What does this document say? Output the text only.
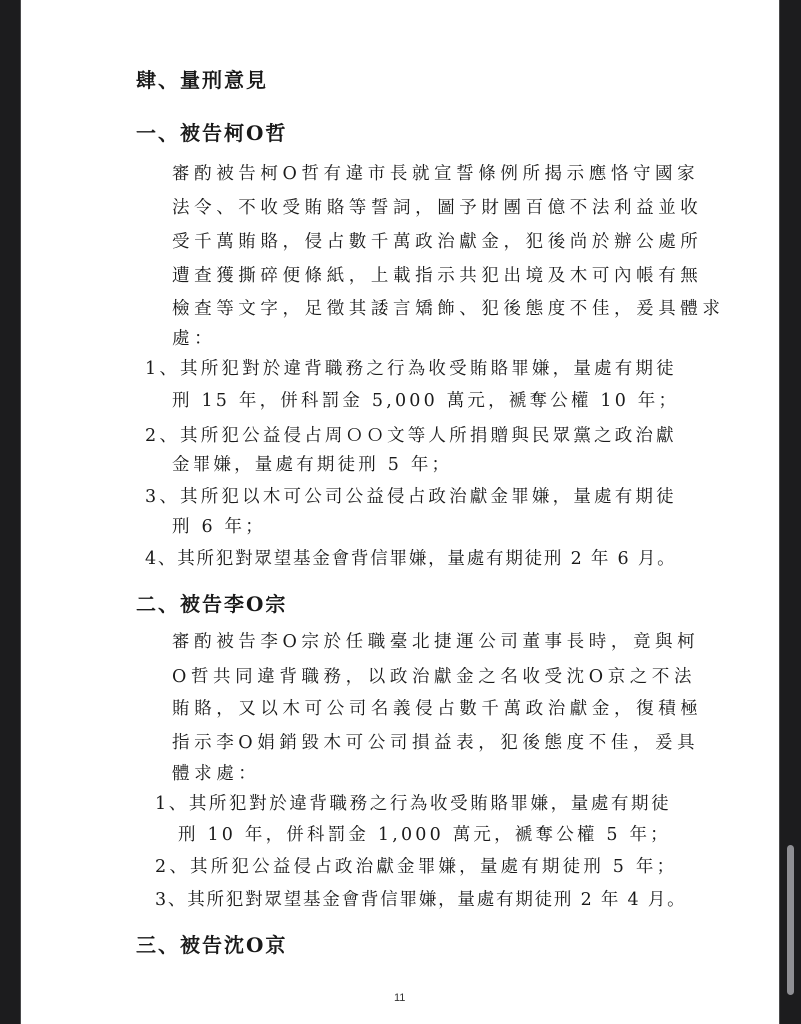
肆、量刑意見
一、被告柯O哲
審酌被告柯O哲有違市長就宣誓條例所揭示應恪守國家
法令、不收受賄賂等誓詞，圖予財團百億不法利益並收
受千萬賄賂，侵占數千萬政治獻金，犯後尚於辦公處所
遭查獲撕碎便條紙，上載指示共犯出境及木可內帳有無
檢查等文字，足徵其諉言矯飾、犯後態度不佳，爰具體求
處：
1、其所犯對於違背職務之行為收受賄賂罪嫌，量處有期徒
刑 15 年，併科罰金 5,000 萬元，褫奪公權 10 年；
2、其所犯公益侵占周ＯＯ文等人所捐贈與民眾黨之政治獻
金罪嫌，量處有期徒刑 5 年；
3、其所犯以木可公司公益侵占政治獻金罪嫌，量處有期徒
刑 6 年；
4、其所犯對眾望基金會背信罪嫌，量處有期徒刑 2 年 6 月。
二、被告李O宗
審酌被告李O宗於任職臺北捷運公司董事長時，竟與柯
O哲共同違背職務，以政治獻金之名收受沈O京之不法
賄賂，又以木可公司名義侵占數千萬政治獻金，復積極
指示李O娟銷毀木可公司損益表，犯後態度不佳，爰具
體求處：
1、其所犯對於違背職務之行為收受賄賂罪嫌，量處有期徒
刑 10 年，併科罰金 1,000 萬元，褫奪公權 5 年；
2、其所犯公益侵占政治獻金罪嫌，量處有期徒刑 5 年；
3、其所犯對眾望基金會背信罪嫌，量處有期徒刑 2 年 4 月。
三、被告沈O京
11
